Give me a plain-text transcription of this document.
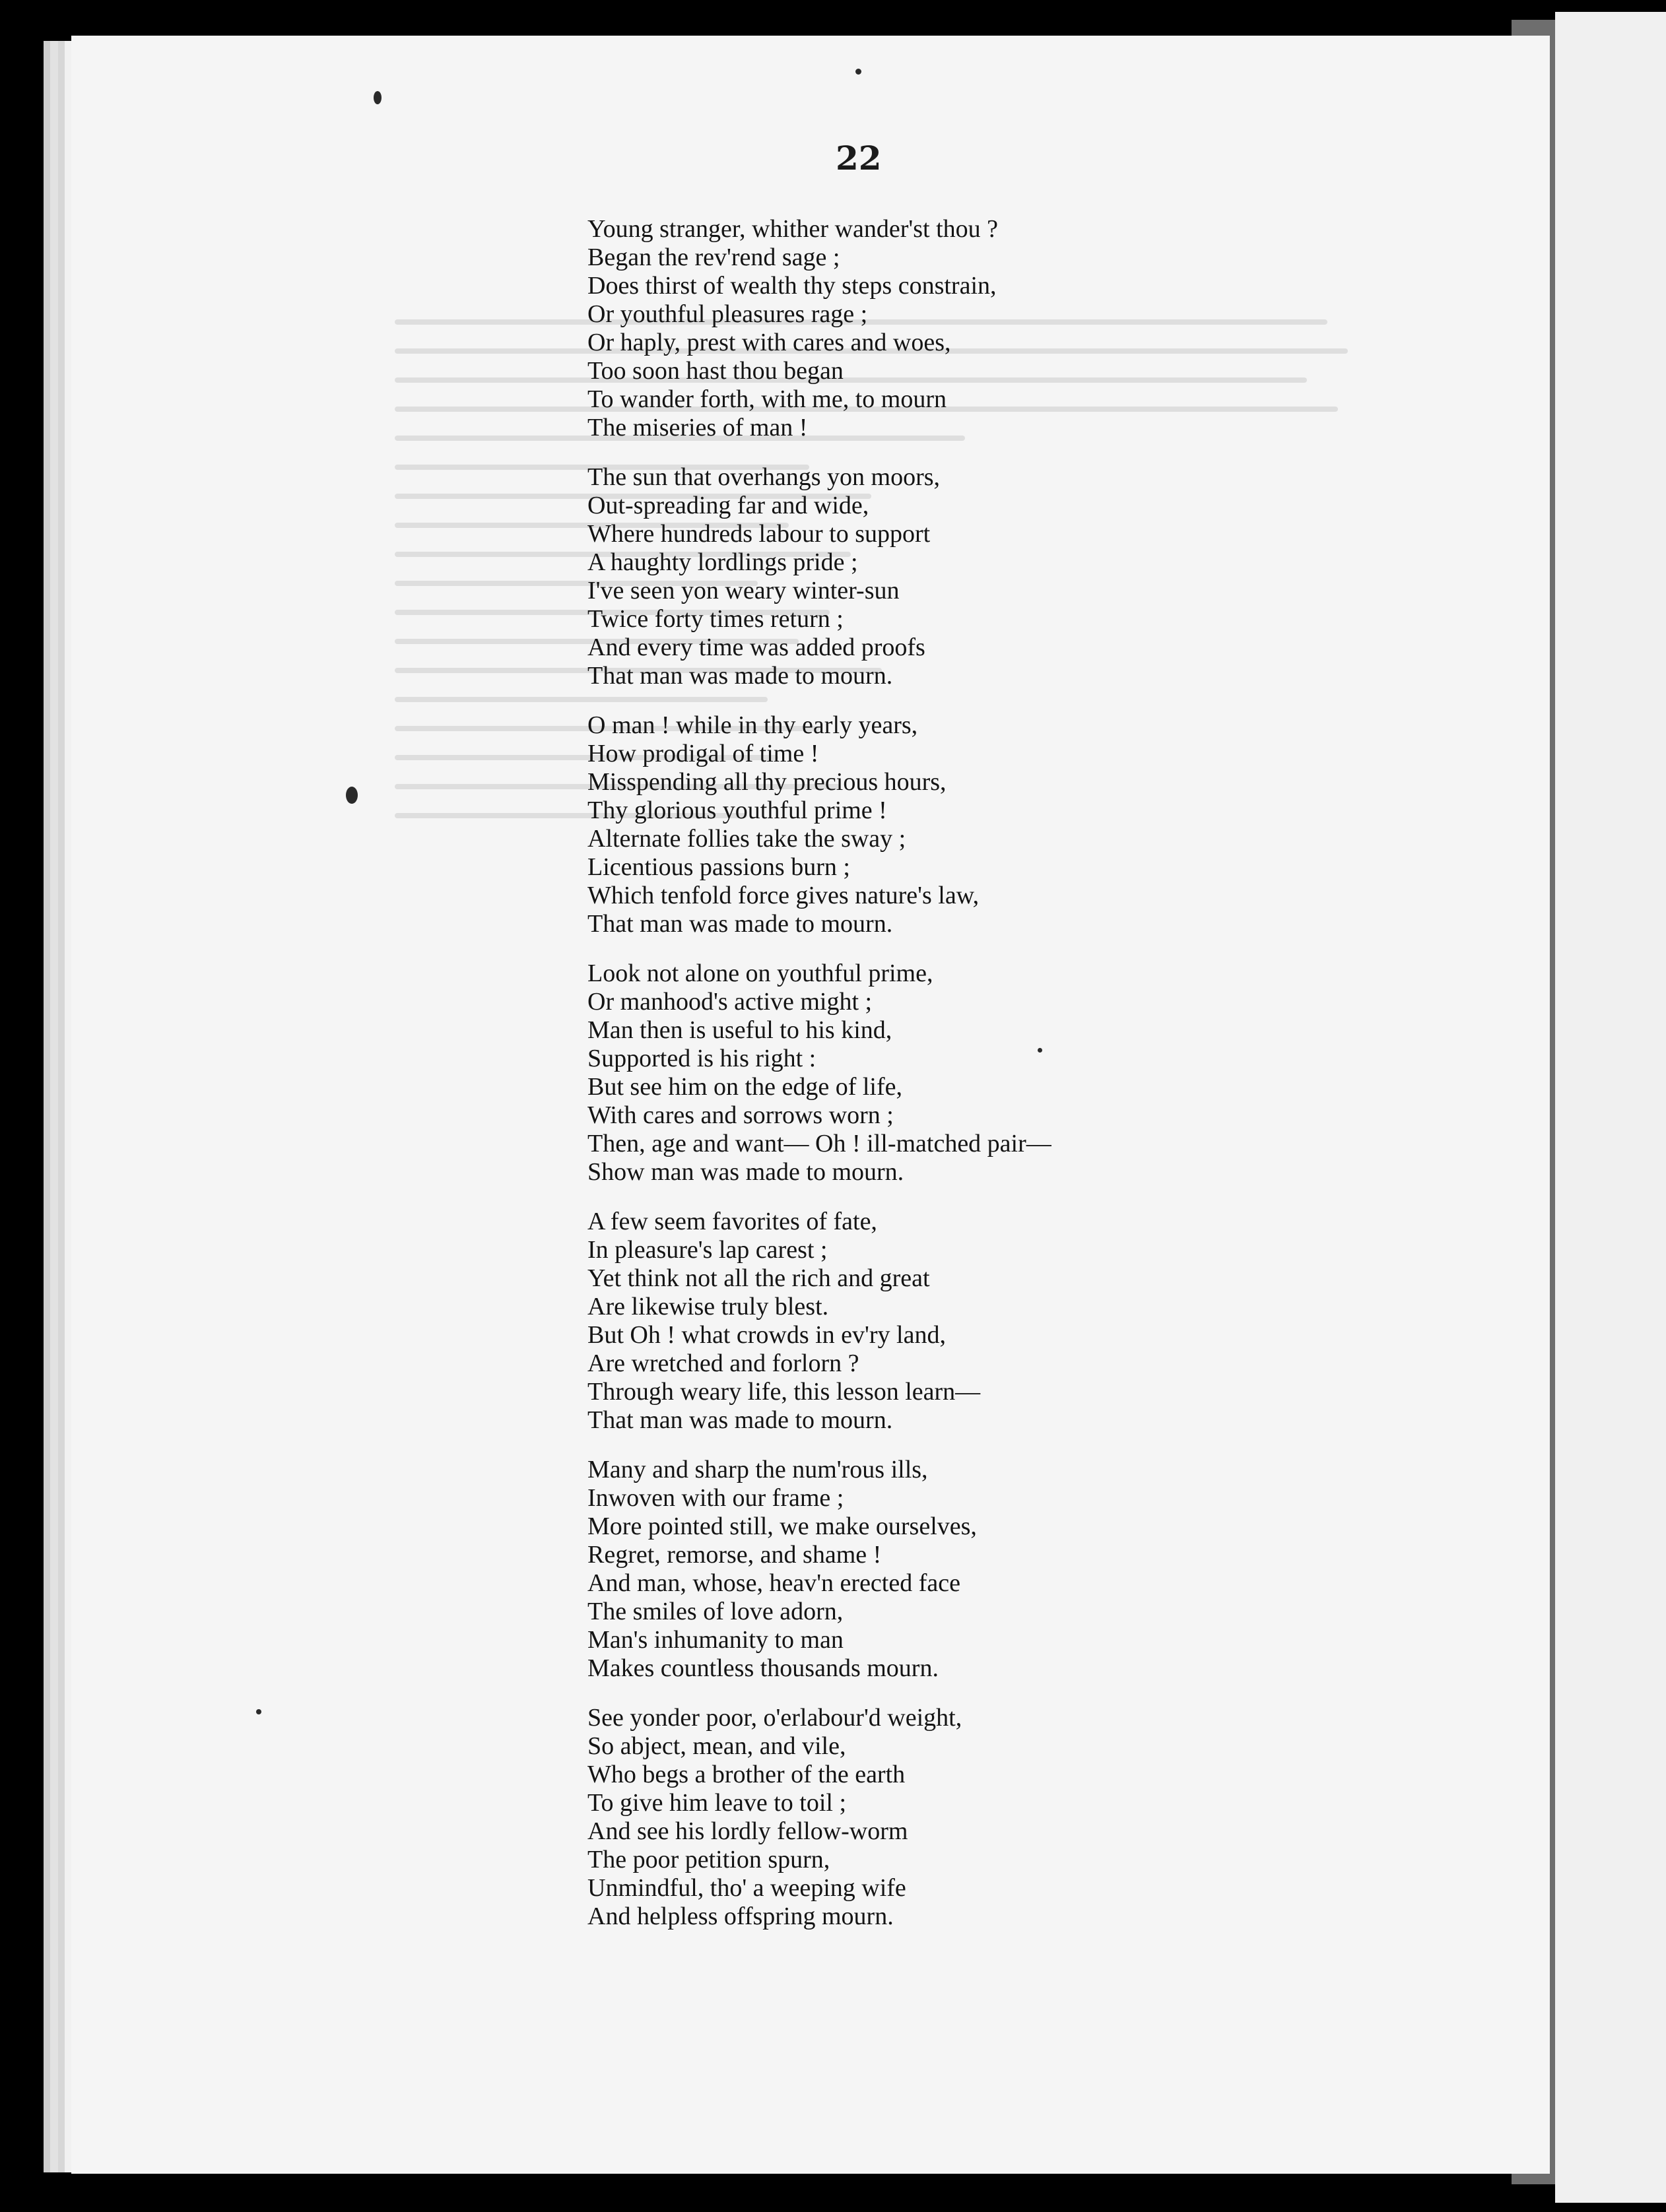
22

Young stranger, whither wander'st thou ?
Began the rev'rend sage ;
Does thirst of wealth thy steps constrain,
Or youthful pleasures rage ;
Or haply, prest with cares and woes,
Too soon hast thou began
To wander forth, with me, to mourn
The miseries of man !
The sun that overhangs yon moors,
Out-spreading far and wide,
Where hundreds labour to support
A haughty lordlings pride ;
I've seen yon weary winter-sun
Twice forty times return ;
And every time was added proofs
That man was made to mourn.
O man ! while in thy early years,
How prodigal of time !
Misspending all thy precious hours,
Thy glorious youthful prime !
Alternate follies take the sway ;
Licentious passions burn ;
Which tenfold force gives nature's law,
That man was made to mourn.
Look not alone on youthful prime,
Or manhood's active might ;
Man then is useful to his kind,
Supported is his right :
But see him on the edge of life,
With cares and sorrows worn ;
Then, age and want— Oh ! ill-matched pair—
Show man was made to mourn.
A few seem favorites of fate,
In pleasure's lap carest ;
Yet think not all the rich and great
Are likewise truly blest.
But Oh ! what crowds in ev'ry land,
Are wretched and forlorn ?
Through weary life, this lesson learn—
That man was made to mourn.
Many and sharp the num'rous ills,
Inwoven with our frame ;
More pointed still, we make ourselves,
Regret, remorse, and shame !
And man, whose, heav'n erected face
The smiles of love adorn,
Man's inhumanity to man
Makes countless thousands mourn.
See yonder poor, o'erlabour'd weight,
So abject, mean, and vile,
Who begs a brother of the earth
To give him leave to toil ;
And see his lordly fellow-worm
The poor petition spurn,
Unmindful, tho' a weeping wife
And helpless offspring mourn.
